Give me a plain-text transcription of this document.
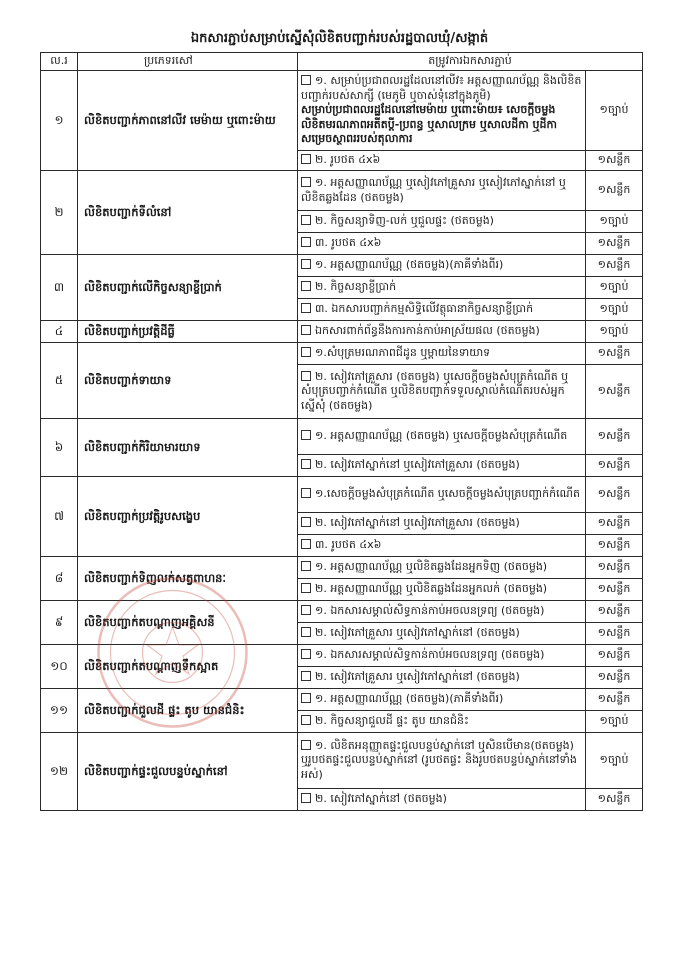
ឯកសារភ្ជាប់សម្រាប់ស្នើសុំលិខិតបញ្ជាក់របស់រដ្ឋបាលឃុំ/សង្កាត់
ល.រ	ប្រភេទរសៅ	តម្រូវការឯកសារភ្ជាប់	
១	លិខិតបញ្ជាក់ភាពនៅលីវ មេម៉ាយ ឬពោះម៉ាយ	១. សម្រាប់ប្រជាពលរដ្ឋដែលនៅលីវ៖ អត្តសញ្ញាណប័ណ្ណ និងលិខិតបញ្ជាក់របស់សាក្សី (មេភូមិ ឬចាស់ទុំនៅក្នុងភូមិ)
សម្រាប់ប្រជាពលរដ្ឋដែលនៅមេម៉ាយ ឬពោះម៉ាយ៖ សេចក្តីចម្លងលិខិតមរណភាពអតីតប្តី-ប្រពន្ធ ឬសាលក្រម ឬសាលដីកា ឬដីកាសម្រេចស្ថាពររបស់តុលាការ	១ច្បាប់
		២. រូបថត ៤x៦	១សន្លឹក
២	លិខិតបញ្ជាក់ទីលំនៅ	១. អត្តសញ្ញាណប័ណ្ណ ឬសៀវភៅគ្រួសារ ឬសៀវភៅស្នាក់នៅ ឬលិខិតឆ្លងដែន (ថតចម្លង)	១សន្លឹក
		២. កិច្ចសន្យាទិញ-លក់ ឬជួលផ្ទះ (ថតចម្លង)	១ច្បាប់
		៣. រូបថត ៤x៦	១សន្លឹក
៣	លិខិតបញ្ជាក់លើកិច្ចសន្យាខ្ចីប្រាក់	១. អត្តសញ្ញាណប័ណ្ណ (ថតចម្លង)(ភាគីទាំងពីរ)	១សន្លឹក
		២. កិច្ចសន្យាខ្ចីប្រាក់	១ច្បាប់
		៣. ឯកសារបញ្ជាក់កម្មសិទ្ធិលើវត្ថុធានាកិច្ចសន្យាខ្ចីប្រាក់	១ច្បាប់
៤	លិខិតបញ្ជាក់ប្រវត្តិដីធ្លី	ឯកសារពាក់ព័ន្ធនឹងការកាន់កាប់អាស្រ័យផល (ថតចម្លង)	១ច្បាប់
៥	លិខិតបញ្ជាក់ទាយាទ	១.សំបុត្រមរណភាពជីដូន ឬម្តាយនៃទាយាទ	១សន្លឹក
		២. សៀវភៅគ្រួសារ (ថតចម្លង) ឬសេចក្តីចម្លងសំបុត្រកំណើត ឬសំបុត្របញ្ជាក់កំណើត ឬលិខិតបញ្ជាក់ទទួលស្គាល់កំណើតរបស់អ្នកស្នើសុំ (ថតចម្លង)	១សន្លឹក
៦	លិខិតបញ្ជាក់កិរិយាមារយាទ	១. អត្តសញ្ញាណប័ណ្ណ (ថតចម្លង) ឬសេចក្តីចម្លងសំបុត្រកំណើត	១សន្លឹក
		២. សៀវភៅស្នាក់នៅ ឬសៀវភៅគ្រួសារ (ថតចម្លង)	១សន្លឹក
៧	លិខិតបញ្ជាក់ប្រវត្តិរូបសង្ខេប	១.សេចក្តីចម្លងសំបុត្រកំណើត ឬសេចក្តីចម្លងសំបុត្របញ្ជាក់កំណើត	១សន្លឹក
		២. សៀវភៅស្នាក់នៅ ឬសៀវភៅគ្រួសារ (ថតចម្លង)	១សន្លឹក
		៣. រូបថត ៤x៦	១សន្លឹក
៨	លិខិតបញ្ជាក់ទិញលក់សត្វពាហនៈ	១. អត្តសញ្ញាណប័ណ្ណ ឬលិខិតឆ្លងដែនអ្នកទិញ (ថតចម្លង)	១សន្លឹក
		២. អត្តសញ្ញាណប័ណ្ណ ឬលិខិតឆ្លងដែនអ្នកលក់ (ថតចម្លង)	១សន្លឹក
៩	លិខិតបញ្ជាក់តបណ្តាញអគ្គិសនី	១. ឯកសារសម្គាល់សិទ្ធកាន់កាប់អចលនទ្រព្យ (ថតចម្លង)	១សន្លឹក
		២. សៀវភៅគ្រួសារ ឬសៀវភៅស្នាក់នៅ (ថតចម្លង)	១សន្លឹក
១០	លិខិតបញ្ជាក់តបណ្តាញទឹកស្អាត	១. ឯកសារសម្គាល់សិទ្ធកាន់កាប់អចលនទ្រព្យ (ថតចម្លង)	១សន្លឹក
		២. សៀវភៅគ្រួសារ ឬសៀវភៅស្នាក់នៅ (ថតចម្លង)	១សន្លឹក
១១	លិខិតបញ្ជាក់ជួលដី ផ្ទះ តូប យានជំនិះ	១. អត្តសញ្ញាណប័ណ្ណ (ថតចម្លង)(ភាគីទាំងពីរ)	១សន្លឹក
		២. កិច្ចសន្យាជួលដី ផ្ទះ តូប យានជំនិះ	១ច្បាប់
១២	លិខិតបញ្ជាក់ផ្ទះជួលបន្ទប់ស្នាក់នៅ	១. លិខិតអនុញ្ញាតផ្ទះជួលបន្ទប់ស្នាក់នៅ ឬសិនបើមាន(ថតចម្លង) ឬរូបថតផ្ទះជួលបន្ទប់ស្នាក់នៅ (រូបថតផ្ទះ និងរូបថតបន្ទប់ស្នាក់នៅទាំងអស់)	១ច្បាប់
		២. សៀវភៅស្នាក់នៅ (ថតចម្លង)	១សន្លឹក
